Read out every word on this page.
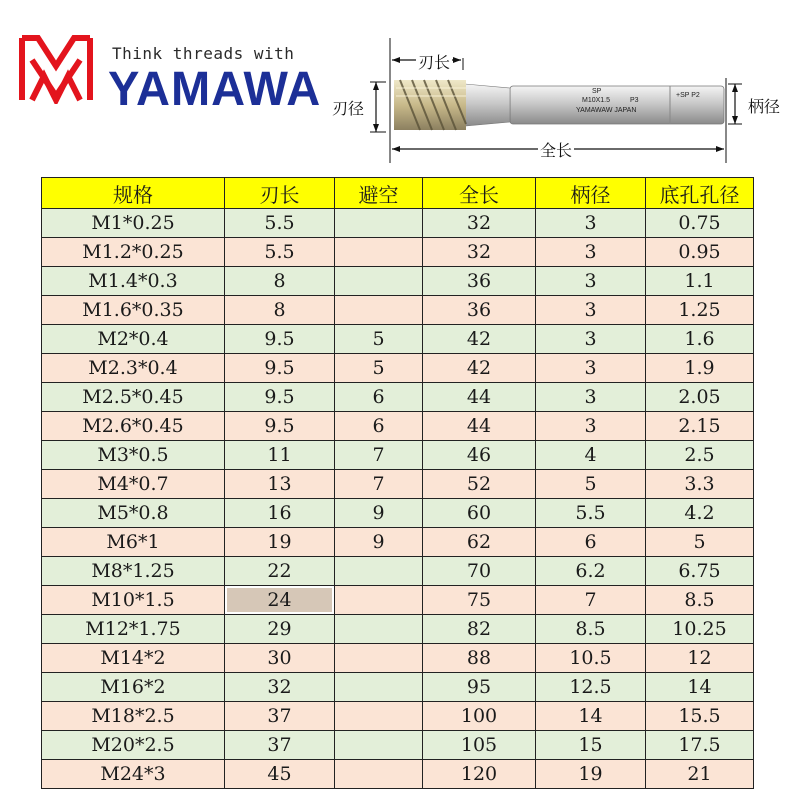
Think threads with
YAMAWA
刃长
刃径	柄径
全长
SP
M10X1.5	P3
YAMAWAW JAPAN
+SP P2
规格	刃长	避空	全长	柄径	底孔孔径
M1*0.25	5.5		32	3	0.75
M1.2*0.25	5.5		32	3	0.95
M1.4*0.3	8		36	3	1.1
M1.6*0.35	8		36	3	1.25
M2*0.4	9.5	5	42	3	1.6
M2.3*0.4	9.5	5	42	3	1.9
M2.5*0.45	9.5	6	44	3	2.05
M2.6*0.45	9.5	6	44	3	2.15
M3*0.5	11	7	46	4	2.5
M4*0.7	13	7	52	5	3.3
M5*0.8	16	9	60	5.5	4.2
M6*1	19	9	62	6	5
M8*1.25	22		70	6.2	6.75
M10*1.5	24		75	7	8.5
M12*1.75	29		82	8.5	10.25
M14*2	30		88	10.5	12
M16*2	32		95	12.5	14
M18*2.5	37		100	14	15.5
M20*2.5	37		105	15	17.5
M24*3	45		120	19	21
